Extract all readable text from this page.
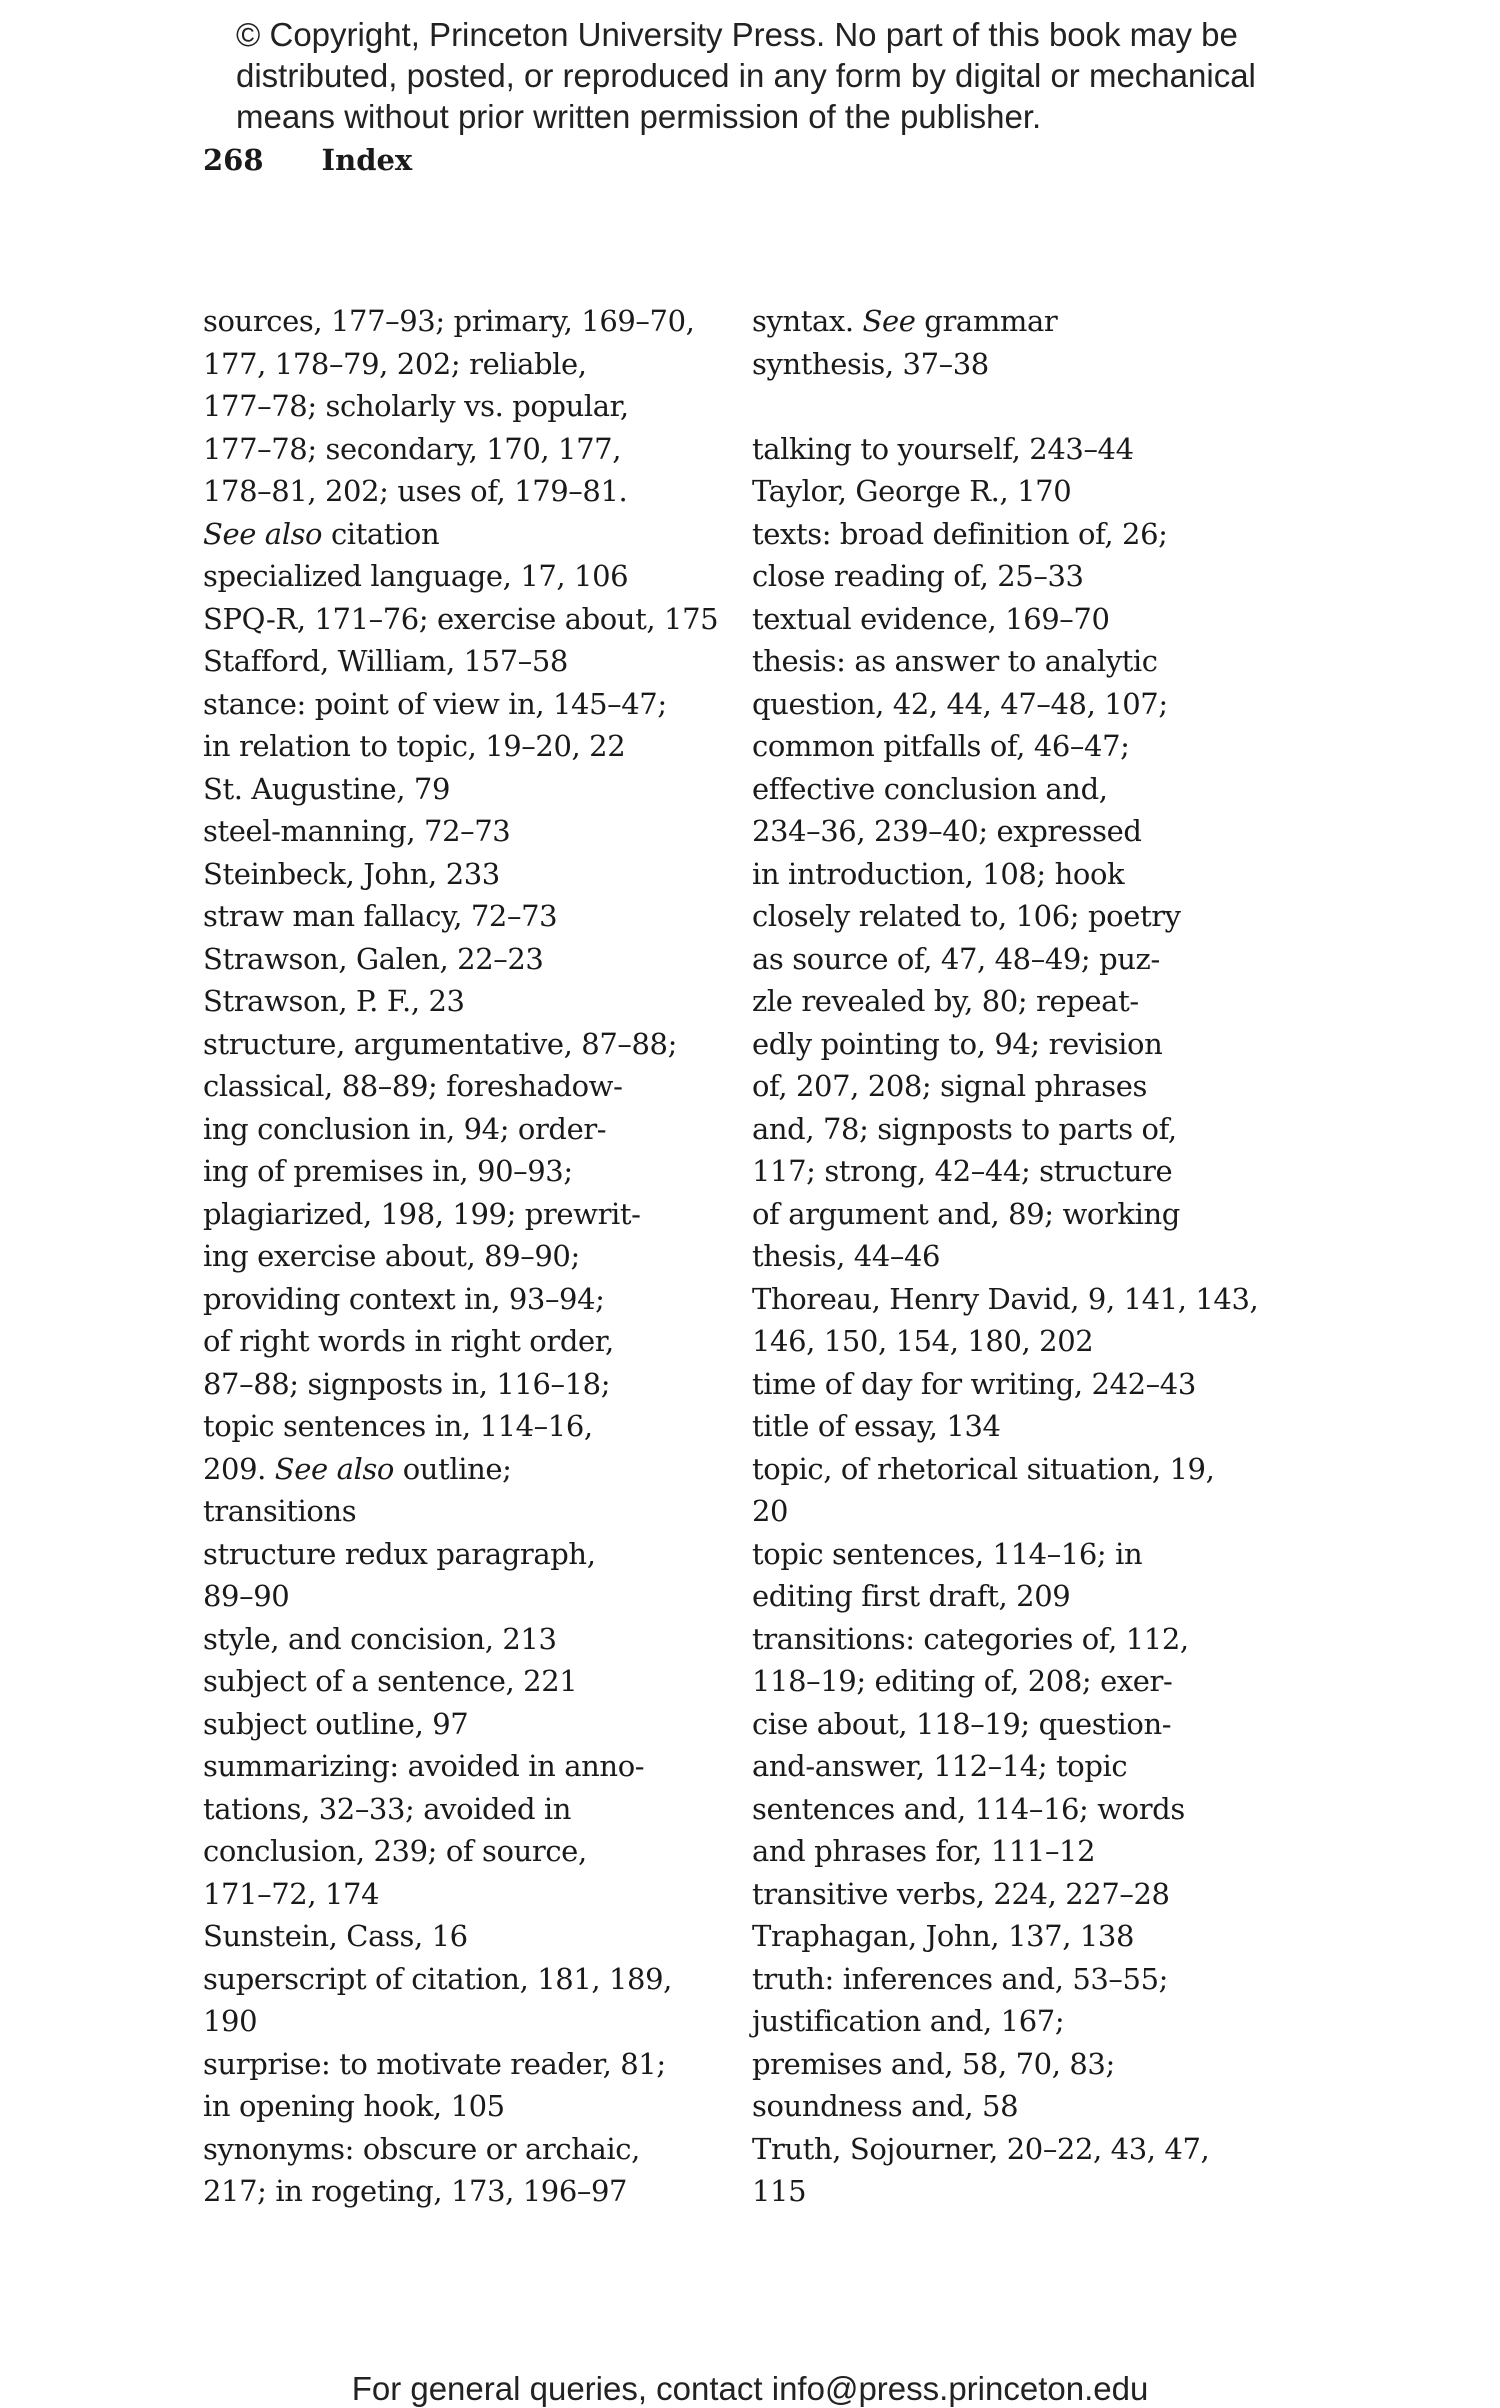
© Copyright, Princeton University Press. No part of this book may be
distributed, posted, or reproduced in any form by digital or mechanical
means without prior written permission of the publisher.
268 Index
sources, 177–93; primary, 169–70,
177, 178–79, 202; reliable,
177–78; scholarly vs. popular,
177–78; secondary, 170, 177,
178–81, 202; uses of, 179–81.
See also citation
specialized language, 17, 106
SPQ-R, 171–76; exercise about, 175
Stafford, William, 157–58
stance: point of view in, 145–47;
in relation to topic, 19–20, 22
St. Augustine, 79
steel-manning, 72–73
Steinbeck, John, 233
straw man fallacy, 72–73
Strawson, Galen, 22–23
Strawson, P. F., 23
structure, argumentative, 87–88;
classical, 88–89; foreshadow-
ing conclusion in, 94; order-
ing of premises in, 90–93;
plagiarized, 198, 199; prewrit-
ing exercise about, 89–90;
providing context in, 93–94;
of right words in right order,
87–88; signposts in, 116–18;
topic sentences in, 114–16,
209. See also outline;
transitions
structure redux paragraph,
89–90
style, and concision, 213
subject of a sentence, 221
subject outline, 97
summarizing: avoided in anno-
tations, 32–33; avoided in
conclusion, 239; of source,
171–72, 174
Sunstein, Cass, 16
superscript of citation, 181, 189,
190
surprise: to motivate reader, 81;
in opening hook, 105
synonyms: obscure or archaic,
217; in rogeting, 173, 196–97
syntax. See grammar
synthesis, 37–38
talking to yourself, 243–44
Taylor, George R., 170
texts: broad definition of, 26;
close reading of, 25–33
textual evidence, 169–70
thesis: as answer to analytic
question, 42, 44, 47–48, 107;
common pitfalls of, 46–47;
effective conclusion and,
234–36, 239–40; expressed
in introduction, 108; hook
closely related to, 106; poetry
as source of, 47, 48–49; puz-
zle revealed by, 80; repeat-
edly pointing to, 94; revision
of, 207, 208; signal phrases
and, 78; signposts to parts of,
117; strong, 42–44; structure
of argument and, 89; working
thesis, 44–46
Thoreau, Henry David, 9, 141, 143,
146, 150, 154, 180, 202
time of day for writing, 242–43
title of essay, 134
topic, of rhetorical situation, 19,
20
topic sentences, 114–16; in
editing first draft, 209
transitions: categories of, 112,
118–19; editing of, 208; exer-
cise about, 118–19; question-
and-answer, 112–14; topic
sentences and, 114–16; words
and phrases for, 111–12
transitive verbs, 224, 227–28
Traphagan, John, 137, 138
truth: inferences and, 53–55;
justification and, 167;
premises and, 58, 70, 83;
soundness and, 58
Truth, Sojourner, 20–22, 43, 47,
115
For general queries, contact info@press.princeton.edu
